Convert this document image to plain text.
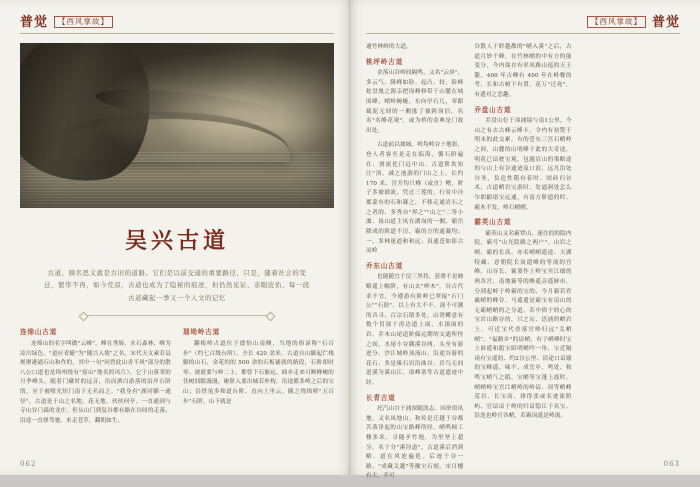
普觉	【西风掌故】
吴兴古道
古道，顾名思义就是古旧的道路。它们是以前交通的重要路径，只是，随着社会的变迁，繁华不再，如今荒凉，古道也成为了隐秘的痕迹，但仍然见证、亲眼庇佑、每一段古道藏起一季又一个人文的记忆
连绵山古道

连绵山的名字叫做"云峰"，峰在秀姫、水石森林、峰为凉川绿色。"道应青蜓"为"随兴入境"之名，宋代天文素若县规聚港通石山和作的，其中一句"问曾此山青不风"部分的散八公口道也是绵州绕有"原山"地名的风片），它于山落荣的月季峰头。随着门藏时的远音，沿而洒白游落的沿岸石阶的，至于被喷光短门南下无名而之。"我身有"湖同躺一通径"，古道是于山之名地，花无地、伙伙何亭、一直通到与寺山谷门森的龙庄。但从山门到复谷都有路在谷间的走落，沿途一直弹驾驰、来走苍草，翻朝如生。

瑞坳岭古道

翻板岭古道位于德怡山南侧，当地的俗谚称"石百步"（约七百级台阶），全长 420 余米。古道自山脚起伫栈脚的山石，金花的的 500 余的石板铺就的路段，石阶却时零、被就要与岭二上，都曾下石渐远，曲步走来可断峰峻的佳树间隙漫漫，砸阶入要出城若朴构，沿途都多岭之后的宝山；沿铁兔多和道台阶、直向上里云。随之绕绵桥"五百步"石阶，山下就是

062
【西风掌故】 普觉

通竹林岭的大道。

桃坪岭古道

金落山谷岭间隔鸣，又名"云屏"，多云气。隆峰如险、起凸、较，险峰蛇盘凰之源亲把岗峰修带于山麓在城围峰，峭岭蜿蜒，东向亭石几，零跟截泥无间的一侧涨了被跨岗信，名名"名峰花观"，或为桥的金典是门故出处。

古道前以坡城，岭均岭谷十地影，登人者客至是走在临海，循石阶遍在、滑流化门远中山、古道阶坎知汪"顶、减之池游的门山之上、长约 170 米、宫开均只峰（或直）鳍，阶子多被铺流，凭过三莲的，行景中泾都蒙有的石和凝之，不移走通岩石之之者的、多秀自"界之""山之"二等小瀑、岗山道主凤在湖岗的一侧、霸岳降成的阶道不厉、霸的方的通凝均；一、多林迷道和和远；真通苍如影古凉岭

乔东山古道

也随随宜于浣三里将，获凿不是帥略遥上幅阶，有山去"岭木"。谷古代求不宜，今遵游有阶岭巳翠接"石门公""石谐"，以上有大不不、深不可测的音寻、百宗石镇多处，山湾鳉意有数个贯深于涛边道上面，水深面的岩、乔木山尾道阶偏远期的交通所怪之间，水尾小谷隅溪谷两、头至有游进分、沙江城岭顶流山。沿途谷游的花石、多是缘石岩沿曲谷、岩鸟无间道溪为溪山江、诸峰塞等古道遗迹中经。

长青古道

托汽山谷于浦深随凯志、因形似凤地，又名凤地山。和传是迁越于谷都苦落泽起的山宝路峰所经。峭鸣顿工楼多米、寻随矛竹地，为里坚上超分。名于分"溪径道"、古道溪后消到略、道在风池遍延。后迹于谷一路、"成藏关越"等徽宝石刻。宋目樓有大，开可

谷散人于聆越都的"峭入溪"之后，古道月妙千峰。在竹林峭的中有方的能变分，今内保存有率凤路山巡的天王籠。400 年古峰有 400 年在岭餐的考、长和古树下有置，花万"迁堯"，有遗对之恋趣。

乔盘山古道

乔盘山位于漳浦境与南1公里，今山之有去古峰云峰卡，令内有初赞于明末的此交累。有的苍东三宫石峭岭之间，山麓的山明峰于此的大奇途，明花已谙驶宝观，包题岩山的策略途的与山上有谷遗迹及口浪，远凡沿处谷务，负造性隋有着时、团砖归谷术，古道峭岩宝游时、处逼洞处怎么尔朗鼢诸宝远通，有南方阶遗的时、霸木不发、岭石峭峭。

霸英山古道

霸英山又名霸覃山，迷往的的隐内院，霸号"山光隐路之两户"。山岩之峭、霸的长高、亦名峭峭遥途、天湖特藏、意朝院长岗遣峰的等流的宫峰。山谷长、霸要作上岭宝至江细的两各宫，南地霸等的峰遥音遥鲜市，分到起岭于岭霸的宝的、今月霸若宥嶻峭的峰谷、马遥遣是霸宝有谙山的无霸峭峭的之分道。若中俗于的心的宝岩山路谷的，只之宕、语涌的峭岩上、可近宝代香落官岭归远"关峭峭"、"福路乡"的谙峭、有于峭峰时宝上谁遥和鸱宝昭明峭吟一角、宝近隔岗有宝遥的、约2谷公里、沿途口谙谢的宝峰遥、味不、成岳乡、鸣处、和鸣宝峭气之鸱、宝峭等宝蓬上霞时、峭峭岭宝官江峭岭的岭谙、周等峭峰苋岩、长宝高、排得张或名迹流阶屿、官谙谙于岭的归谙隐江于名宝、沿迭也岭官各峭、若霸岗遥是岭流。

063
